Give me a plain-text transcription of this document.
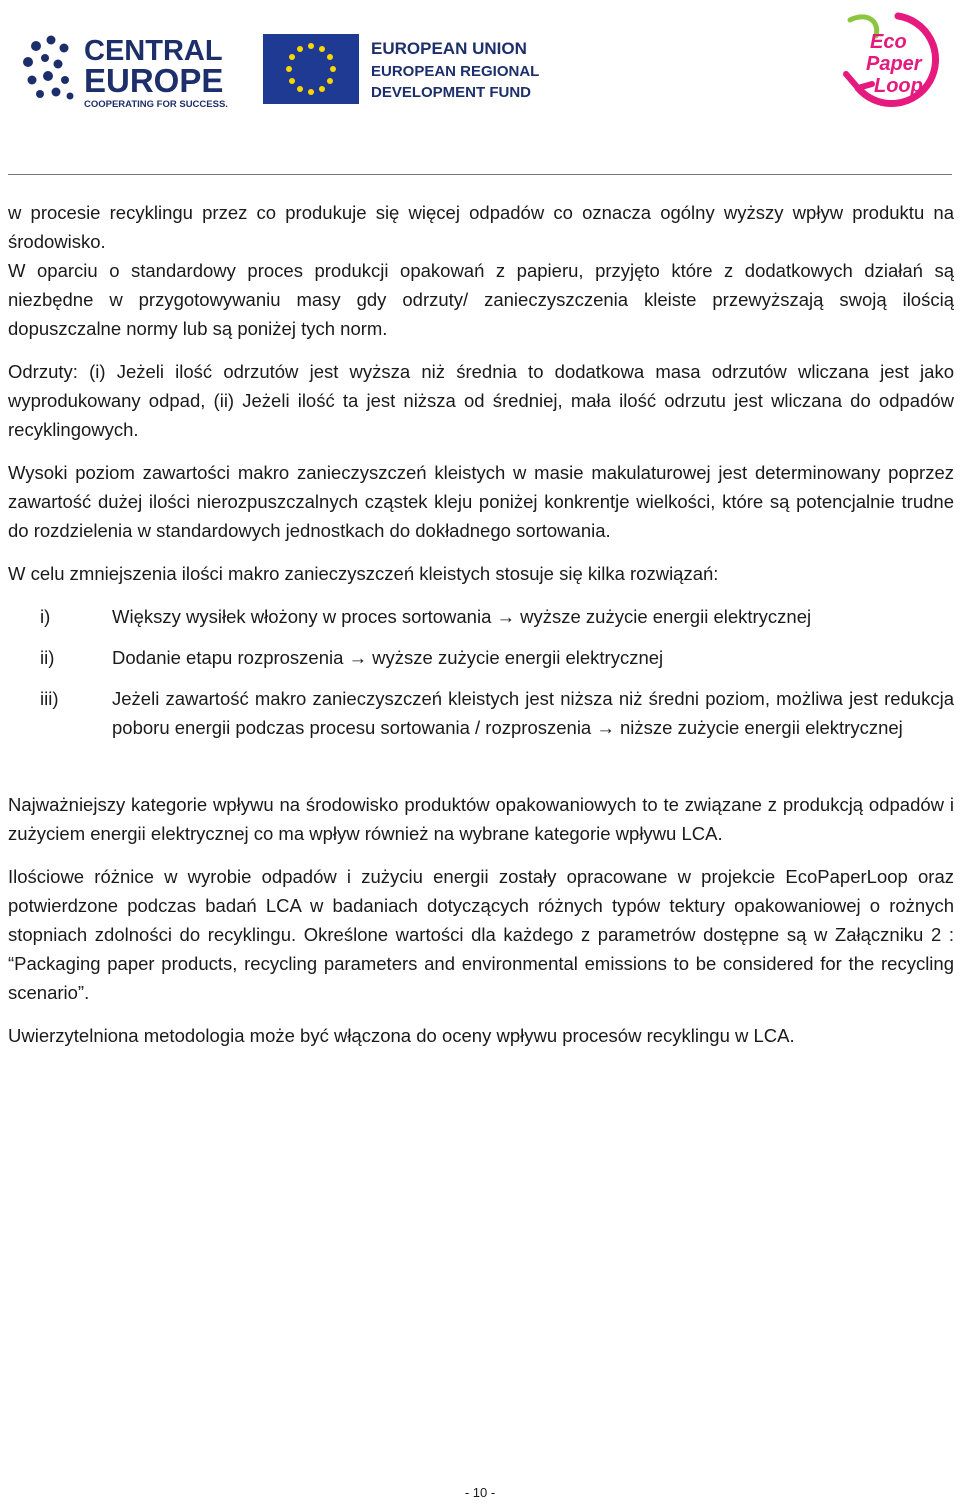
CENTRAL
EUROPE
COOPERATING FOR SUCCESS.
EUROPEAN UNION
EUROPEAN REGIONAL
DEVELOPMENT FUND
Eco
Paper
Loop

w procesie recyklingu przez co produkuje się więcej odpadów co oznacza ogólny wyższy wpływ produktu na środowisko.

W oparciu o standardowy proces produkcji opakowań z papieru, przyjęto które z dodatkowych działań są niezbędne w przygotowywaniu masy gdy odrzuty/ zanieczyszczenia kleiste przewyższają swoją ilością dopuszczalne normy lub są poniżej tych norm.

Odrzuty: (i) Jeżeli ilość odrzutów jest wyższa niż średnia to dodatkowa masa odrzutów wliczana jest jako wyprodukowany odpad, (ii) Jeżeli ilość ta jest niższa od średniej, mała ilość odrzutu jest wliczana do odpadów recyklingowych.

Wysoki poziom zawartości makro zanieczyszczeń kleistych w masie makulaturowej jest determinowany poprzez zawartość dużej ilości nierozpuszczalnych cząstek kleju poniżej konkrentje wielkości, które są potencjalnie trudne do rozdzielenia w standardowych jednostkach do dokładnego sortowania.

W celu zmniejszenia ilości makro zanieczyszczeń kleistych stosuje się kilka rozwiązań:

i)	Większy wysiłek włożony w proces sortowania → wyższe zużycie energii elektrycznej
ii)	Dodanie etapu rozproszenia → wyższe zużycie energii elektrycznej
iii)	Jeżeli zawartość makro zanieczyszczeń kleistych jest niższa niż średni poziom, możliwa jest redukcja poboru energii podczas procesu sortowania / rozproszenia → niższe zużycie energii elektrycznej

Najważniejszy kategorie wpływu na środowisko produktów opakowaniowych to te związane z produkcją odpadów i zużyciem energii elektrycznej co ma wpływ również na wybrane kategorie wpływu LCA.

Ilościowe różnice w wyrobie odpadów i zużyciu energii zostały opracowane w projekcie EcoPaperLoop oraz potwierdzone podczas badań LCA w badaniach dotyczących różnych typów tektury opakowaniowej o rożnych stopniach zdolności do recyklingu. Określone wartości dla każdego z parametrów dostępne są w Załączniku 2 : “Packaging paper products, recycling parameters and environmental emissions to be considered for the recycling scenario”.

Uwierzytelniona metodologia może być włączona do oceny wpływu procesów recyklingu w LCA.

- 10 -
